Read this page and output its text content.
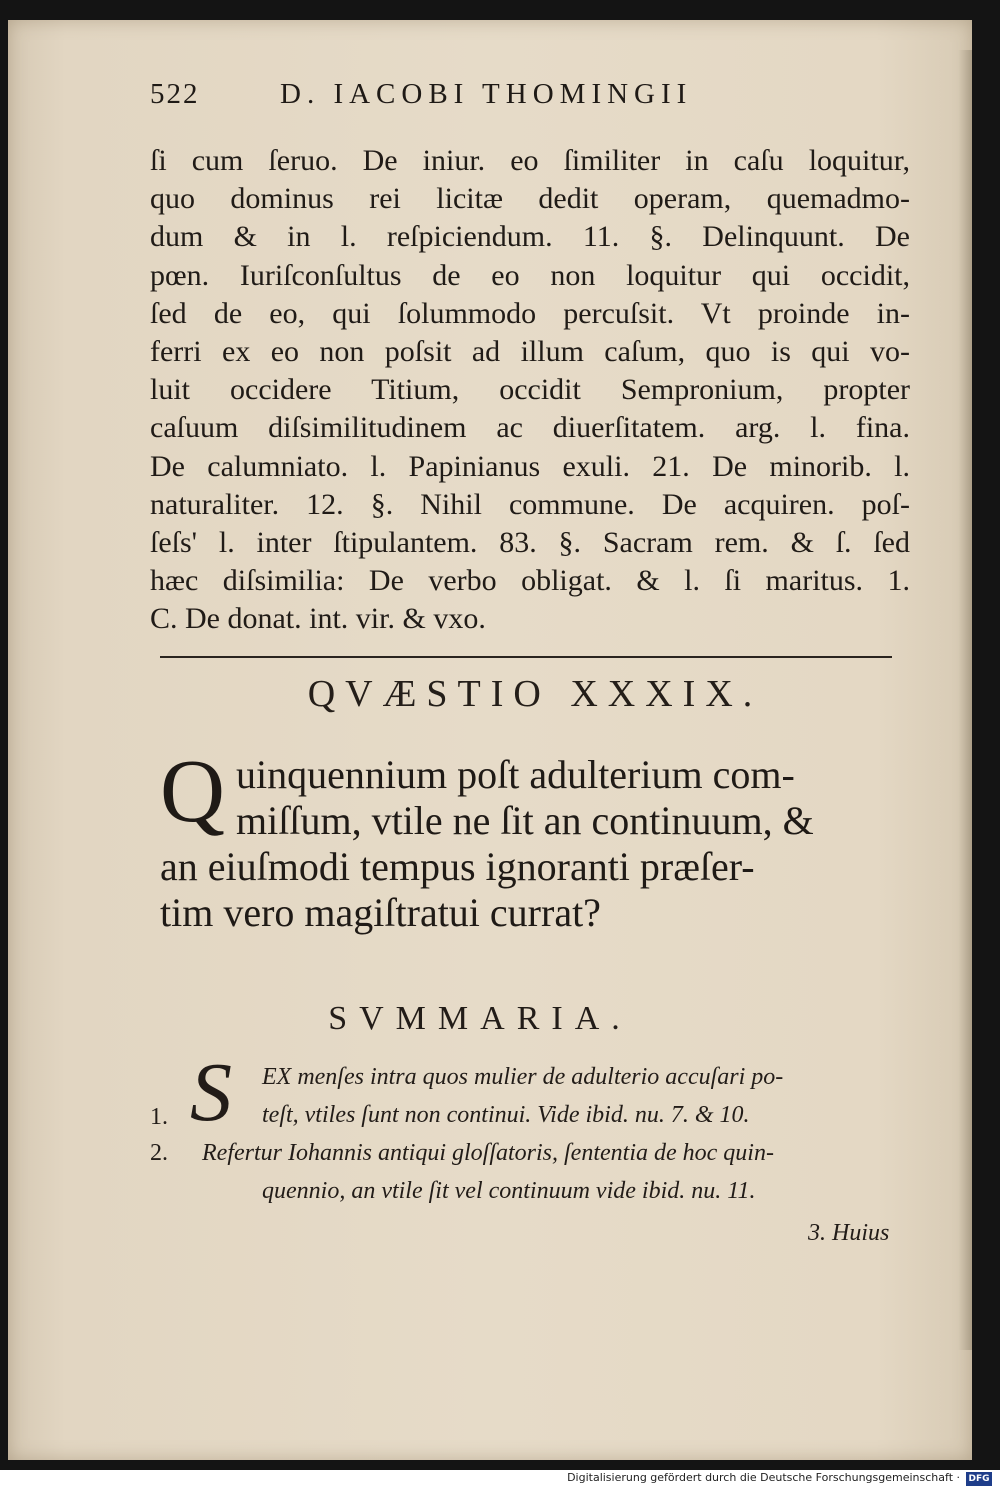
522	D. IACOBI THOMINGII
ſi cum ſeruo. De iniur. eo ſimiliter in caſu loquitur,
quo dominus rei licitæ dedit operam, quemadmo-
dum & in l. reſpiciendum. 11. §. Delinquunt. De
pœn. Iuriſconſultus de eo non loquitur qui occidit,
ſed de eo, qui ſolummodo percuſsit. Vt proinde in-
ferri ex eo non poſsit ad illum caſum, quo is qui vo-
luit occidere Titium, occidit Sempronium, propter
caſuum diſsimilitudinem ac diuerſitatem. arg. l. fina.
De calumniato. l. Papinianus exuli. 21. De minorib. l.
naturaliter. 12. §. Nihil commune. De acquiren. poſ-
ſeſs' l. inter ſtipulantem. 83. §. Sacram rem. & ſ. ſed
hæc diſsimilia: De verbo obligat. & l. ſi maritus. 1.
C. De donat. int. vir. & vxo.
QVÆSTIO XXXIX.
Q uinquennium poſt adulterium com-
miſſum, vtile ne ſit an continuum, &
an eiuſmodi tempus ignoranti præſer-
tim vero magiſtratui currat?
SVMMARIA.
1. S	EX menſes intra quos mulier de adulterio accuſari po-
teſt, vtiles ſunt non continui. Vide ibid. nu. 7. & 10.
2.	Refertur Iohannis antiqui gloſſatoris, ſententia de hoc quin-
quennio, an vtile ſit vel continuum vide ibid. nu. 11.
3. Huius
Digitalisierung gefördert durch die Deutsche Forschungsgemeinschaft · DFG
